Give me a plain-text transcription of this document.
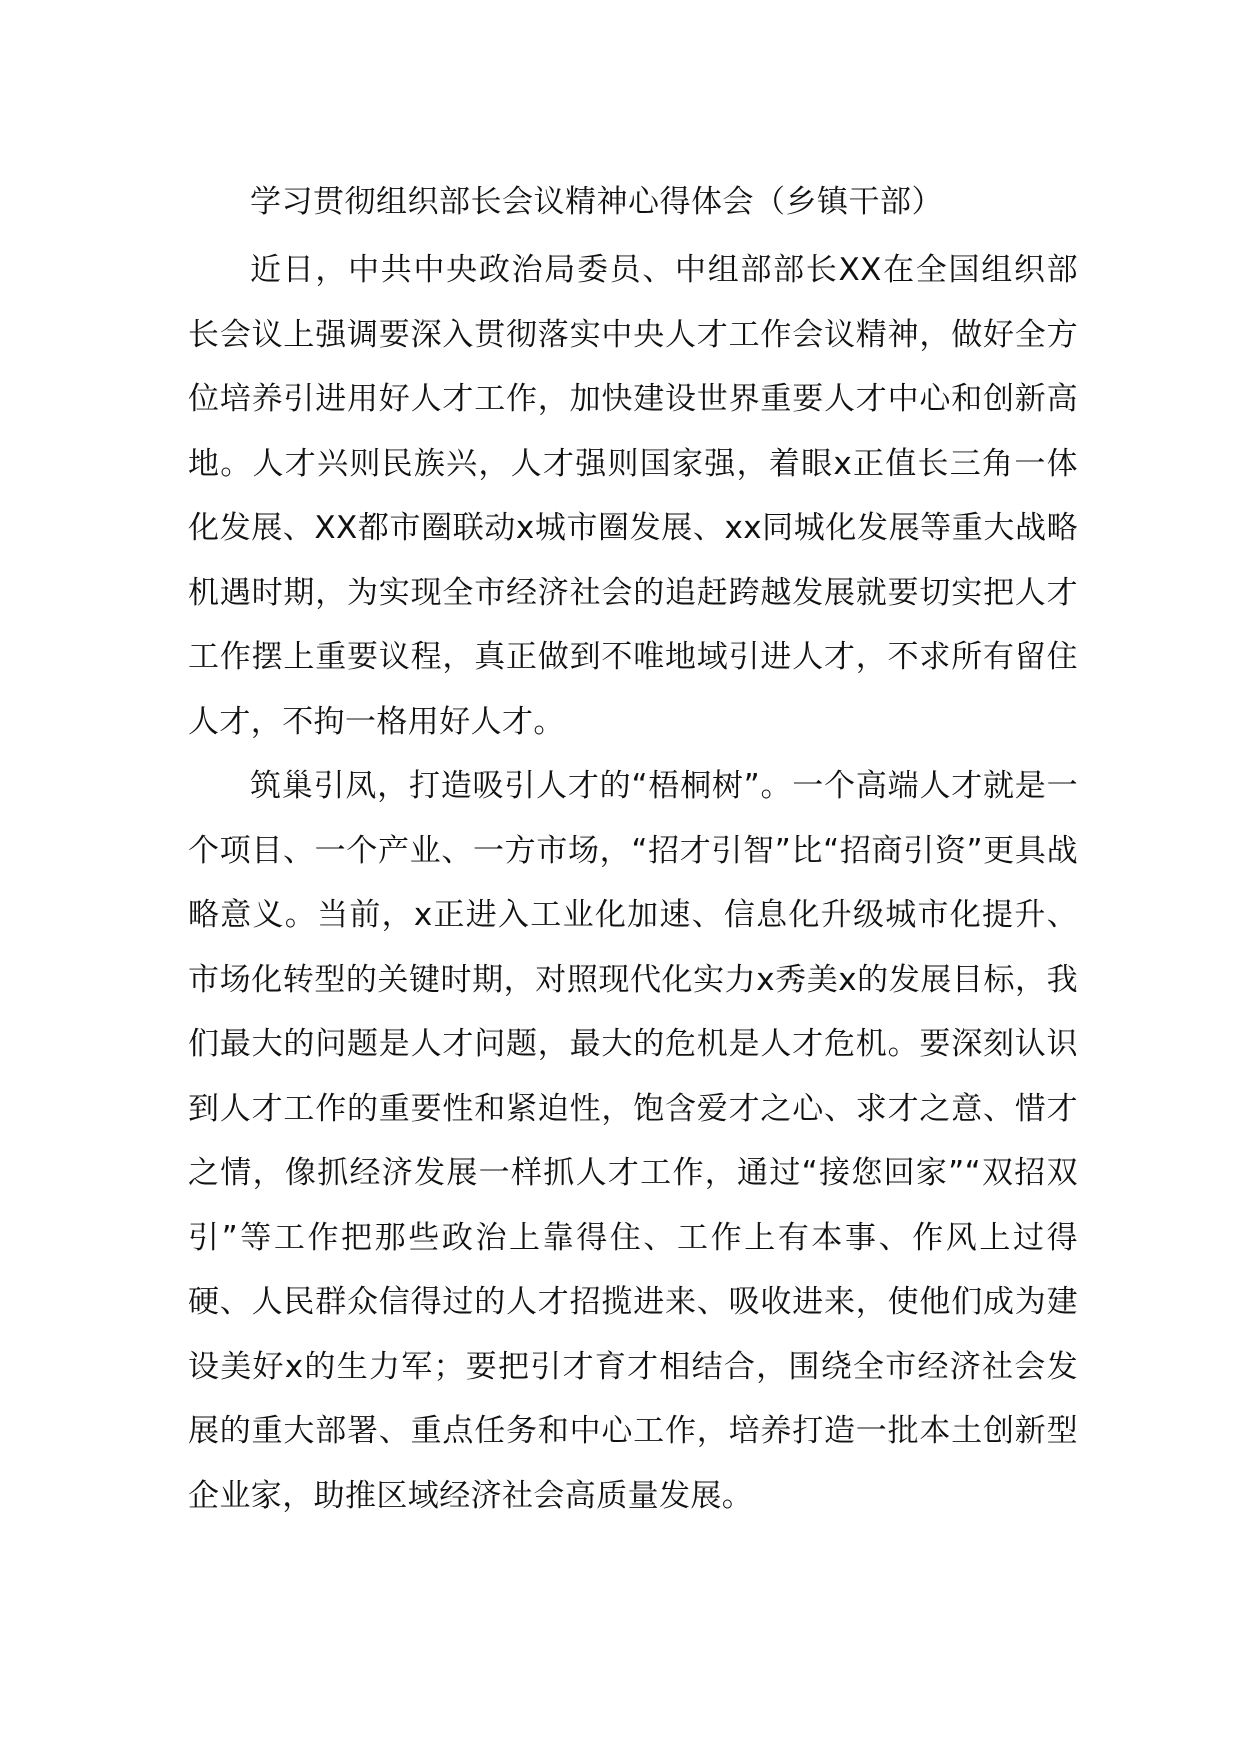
学习贯彻组织部长会议精神心得体会（乡镇干部）

近日，中共中央政治局委员、中组部部长XX在全国组织部长会议上强调要深入贯彻落实中央人才工作会议精神，做好全方位培养引进用好人才工作，加快建设世界重要人才中心和创新高地。人才兴则民族兴，人才强则国家强，着眼x正值长三角一体化发展、XX都市圈联动x城市圈发展、xx同城化发展等重大战略机遇时期，为实现全市经济社会的追赶跨越发展就要切实把人才工作摆上重要议程，真正做到不唯地域引进人才，不求所有留住人才，不拘一格用好人才。

筑巢引凤，打造吸引人才的“梧桐树”。一个高端人才就是一个项目、一个产业、一方市场，“招才引智”比“招商引资”更具战略意义。当前，x正进入工业化加速、信息化升级城市化提升、市场化转型的关键时期，对照现代化实力x秀美x的发展目标，我们最大的问题是人才问题，最大的危机是人才危机。要深刻认识到人才工作的重要性和紧迫性，饱含爱才之心、求才之意、惜才之情，像抓经济发展一样抓人才工作，通过“接您回家”“双招双引”等工作把那些政治上靠得住、工作上有本事、作风上过得硬、人民群众信得过的人才招揽进来、吸收进来，使他们成为建设美好x的生力军；要把引才育才相结合，围绕全市经济社会发展的重大部署、重点任务和中心工作，培养打造一批本土创新型企业家，助推区域经济社会高质量发展。
